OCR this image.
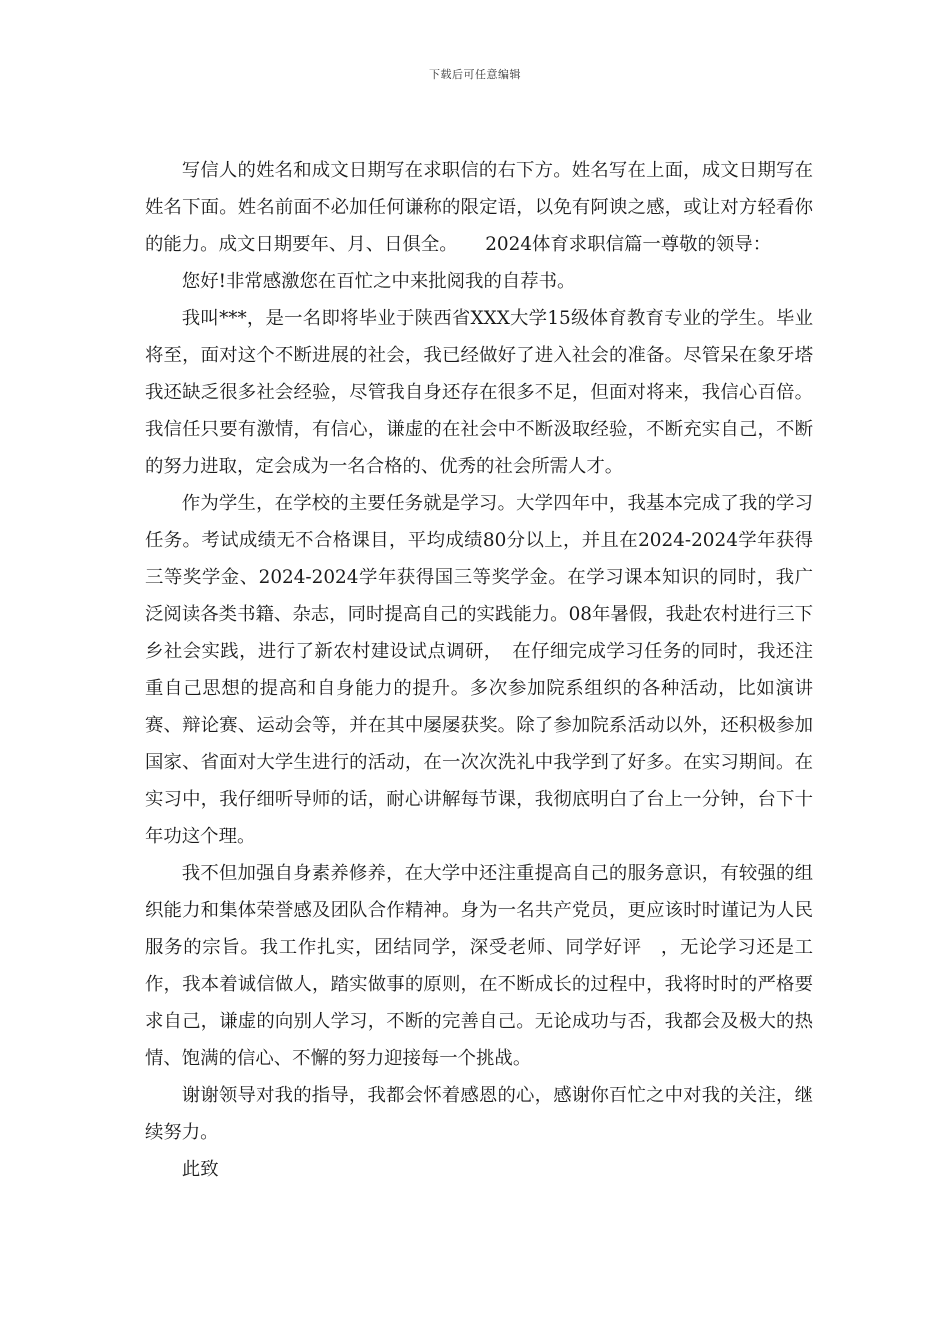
下载后可任意编辑

写信人的姓名和成文日期写在求职信的右下方。姓名写在上面，成文日期写在姓名下面。姓名前面不必加任何谦称的限定语，以免有阿谀之感，或让对方轻看你的能力。成文日期要年、月、日俱全。　　2024体育求职信篇一尊敬的领导：

您好!非常感激您在百忙之中来批阅我的自荐书。

我叫***，是一名即将毕业于陕西省XXX大学15级体育教育专业的学生。毕业将至，面对这个不断进展的社会，我已经做好了进入社会的准备。尽管呆在象牙塔我还缺乏很多社会经验，尽管我自身还存在很多不足，但面对将来，我信心百倍。我信任只要有激情，有信心，谦虚的在社会中不断汲取经验，不断充实自己，不断的努力进取，定会成为一名合格的、优秀的社会所需人才。

作为学生，在学校的主要任务就是学习。大学四年中，我基本完成了我的学习任务。考试成绩无不合格课目，平均成绩80分以上，并且在2024-2024学年获得三等奖学金、2024-2024学年获得国三等奖学金。在学习课本知识的同时，我广泛阅读各类书籍、杂志，同时提高自己的实践能力。08年暑假，我赴农村进行三下乡社会实践，进行了新农村建设试点调研，　在仔细完成学习任务的同时，我还注重自己思想的提高和自身能力的提升。多次参加院系组织的各种活动，比如演讲赛、辩论赛、运动会等，并在其中屡屡获奖。除了参加院系活动以外，还积极参加国家、省面对大学生进行的活动，在一次次洗礼中我学到了好多。在实习期间。在实习中，我仔细听导师的话，耐心讲解每节课，我彻底明白了台上一分钟，台下十年功这个理。

我不但加强自身素养修养，在大学中还注重提高自己的服务意识，有较强的组织能力和集体荣誉感及团队合作精神。身为一名共产党员，更应该时时谨记为人民服务的宗旨。我工作扎实，团结同学，深受老师、同学好评　，无论学习还是工作，我本着诚信做人，踏实做事的原则，在不断成长的过程中，我将时时的严格要求自己，谦虚的向别人学习，不断的完善自己。无论成功与否，我都会及极大的热情、饱满的信心、不懈的努力迎接每一个挑战。

谢谢领导对我的指导，我都会怀着感恩的心，感谢你百忙之中对我的关注，继续努力。

此致
